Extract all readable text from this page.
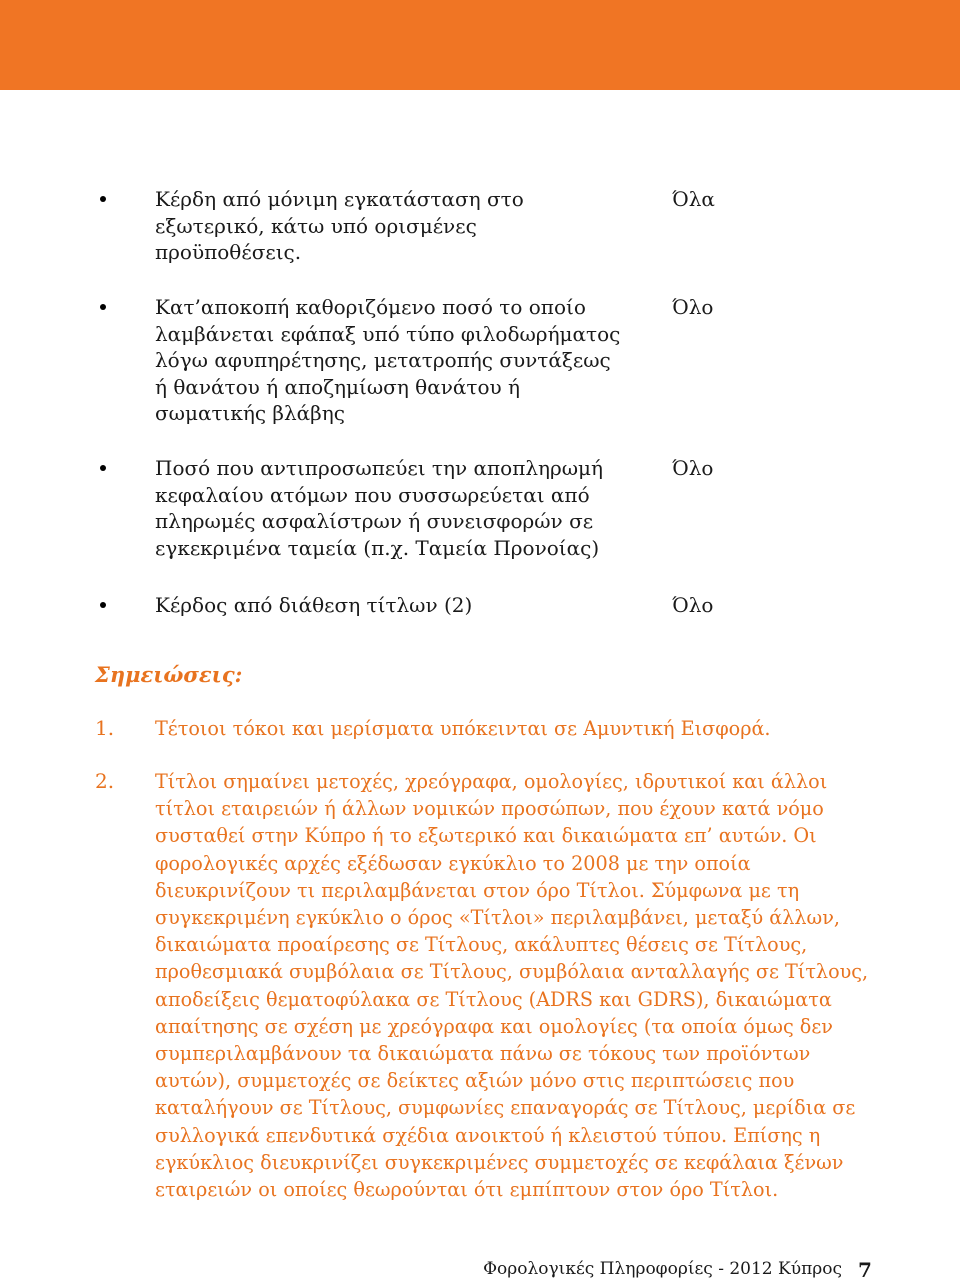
Κέρδη από μόνιμη εγκατάσταση στο εξωτερικό, κάτω υπό ορισμένες προϋποθέσεις.
Όλα
Κατ’αποκοπή καθοριζόμενο ποσό το οποίο λαμβάνεται εφάπαξ υπό τύπο φιλοδωρήματος λόγω αφυπηρέτησης, μετατροπής συντάξεως ή θανάτου ή αποζημίωση θανάτου ή σωματικής βλάβης
Όλο
Ποσό που αντιπροσωπεύει την αποπληρωμή κεφαλαίου ατόμων που συσσωρεύεται από πληρωμές ασφαλίστρων ή συνεισφορών σε εγκεκριμένα ταμεία (π.χ. Ταμεία Προνοίας)
Όλο
Κέρδος από διάθεση τίτλων (2)	Όλο
Σημειώσεις:
1. Τέτοιοι τόκοι και μερίσματα υπόκεινται σε Αμυντική Εισφορά.
2. Τίτλοι σημαίνει μετοχές, χρεόγραφα, ομολογίες, ιδρυτικοί και άλλοι τίτλοι εταιρειών ή άλλων νομικών προσώπων, που έχουν κατά νόμο συσταθεί στην Κύπρο ή το εξωτερικό και δικαιώματα επ’ αυτών. Οι φορολογικές αρχές εξέδωσαν εγκύκλιο το 2008 με την οποία διευκρινίζουν τι περιλαμβάνεται στον όρο Τίτλοι. Σύμφωνα με τη συγκεκριμένη εγκύκλιο ο όρος «Τίτλοι» περιλαμβάνει, μεταξύ άλλων, δικαιώματα προαίρεσης σε Τίτλους, ακάλυπτες θέσεις σε Τίτλους, προθεσμιακά συμβόλαια σε Τίτλους, συμβόλαια ανταλλαγής σε Τίτλους, αποδείξεις θεματοφύλακα σε Τίτλους (ADRS και GDRS), δικαιώματα απαίτησης σε σχέση με χρεόγραφα και ομολογίες (τα οποία όμως δεν συμπεριλαμβάνουν τα δικαιώματα πάνω σε τόκους των προϊόντων αυτών), συμμετοχές σε δείκτες αξιών μόνο στις περιπτώσεις που καταλήγουν σε Τίτλους, συμφωνίες επαναγοράς σε Τίτλους, μερίδια σε συλλογικά επενδυτικά σχέδια ανοικτού ή κλειστού τύπου. Επίσης η εγκύκλιος διευκρινίζει συγκεκριμένες συμμετοχές σε κεφάλαια ξένων εταιρειών οι οποίες θεωρούνται ότι εμπίπτουν στον όρο Τίτλοι.
Φορολογικές Πληροφορίες - 2012 Κύπρος 7
